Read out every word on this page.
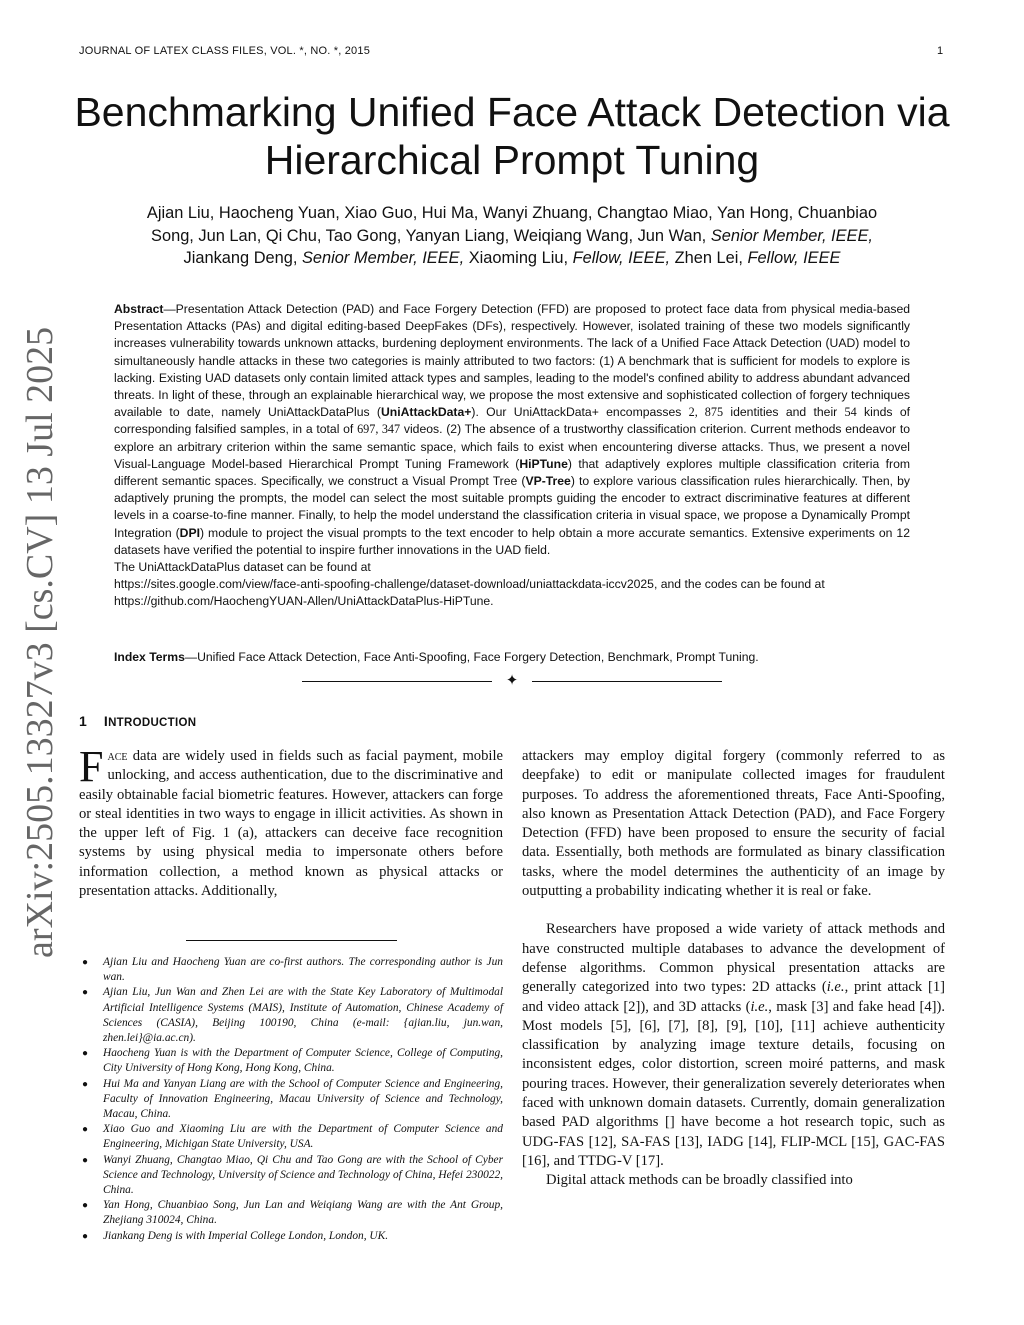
JOURNAL OF LATEX CLASS FILES, VOL. *, NO. *, 2015	1
Benchmarking Unified Face Attack Detection via Hierarchical Prompt Tuning
Ajian Liu, Haocheng Yuan, Xiao Guo, Hui Ma, Wanyi Zhuang, Changtao Miao, Yan Hong, Chuanbiao
Song, Jun Lan, Qi Chu, Tao Gong, Yanyan Liang, Weiqiang Wang, Jun Wan, Senior Member, IEEE,
Jiankang Deng, Senior Member, IEEE, Xiaoming Liu, Fellow, IEEE, Zhen Lei, Fellow, IEEE

Abstract—Presentation Attack Detection (PAD) and Face Forgery Detection (FFD) are proposed to protect face data from physical media-based Presentation Attacks (PAs) and digital editing-based DeepFakes (DFs), respectively. However, isolated training of these two models significantly increases vulnerability towards unknown attacks, burdening deployment environments. The lack of a Unified Face Attack Detection (UAD) model to simultaneously handle attacks in these two categories is mainly attributed to two factors: (1) A benchmark that is sufficient for models to explore is lacking. Existing UAD datasets only contain limited attack types and samples, leading to the model's confined ability to address abundant advanced threats. In light of these, through an explainable hierarchical way, we propose the most extensive and sophisticated collection of forgery techniques available to date, namely UniAttackDataPlus (UniAttackData+). Our UniAttackData+ encompasses 2, 875 identities and their 54 kinds of corresponding falsified samples, in a total of 697, 347 videos. (2) The absence of a trustworthy classification criterion. Current methods endeavor to explore an arbitrary criterion within the same semantic space, which fails to exist when encountering diverse attacks. Thus, we present a novel Visual-Language Model-based Hierarchical Prompt Tuning Framework (HiPTune) that adaptively explores multiple classification criteria from different semantic spaces. Specifically, we construct a Visual Prompt Tree (VP-Tree) to explore various classification rules hierarchically. Then, by adaptively pruning the prompts, the model can select the most suitable prompts guiding the encoder to extract discriminative features at different levels in a coarse-to-fine manner. Finally, to help the model understand the classification criteria in visual space, we propose a Dynamically Prompt Integration (DPI) module to project the visual prompts to the text encoder to help obtain a more accurate semantics. Extensive experiments on 12 datasets have verified the potential to inspire further innovations in the UAD field.

The UniAttackDataPlus dataset can be found at

https://sites.google.com/view/face-anti-spoofing-challenge/dataset-download/uniattackdata-iccv2025, and the codes can be found at

https://github.com/HaochengYUAN-Allen/UniAttackDataPlus-HiPTune.

Index Terms—Unified Face Attack Detection, Face Anti-Spoofing, Face Forgery Detection, Benchmark, Prompt Tuning.
✦
1 INTRODUCTION

Face data are widely used in fields such as facial payment, mobile unlocking, and access authentication, due to the discriminative and easily obtainable facial biometric features. However, attackers can forge or steal identities in two ways to engage in illicit activities. As shown in the upper left of Fig. 1 (a), attackers can deceive face recognition systems by using physical media to impersonate others before information collection, a method known as physical attacks or presentation attacks. Additionally,

● Ajian Liu and Haocheng Yuan are co-first authors. The corresponding author is Jun wan.
● Ajian Liu, Jun Wan and Zhen Lei are with the State Key Laboratory of Multimodal Artificial Intelligence Systems (MAIS), Institute of Automation, Chinese Academy of Sciences (CASIA), Beijing 100190, China (e-mail: {ajian.liu, jun.wan, zhen.lei}@ia.ac.cn).
● Haocheng Yuan is with the Department of Computer Science, College of Computing, City University of Hong Kong, Hong Kong, China.
● Hui Ma and Yanyan Liang are with the School of Computer Science and Engineering, Faculty of Innovation Engineering, Macau University of Science and Technology, Macau, China.
● Xiao Guo and Xiaoming Liu are with the Department of Computer Science and Engineering, Michigan State University, USA.
● Wanyi Zhuang, Changtao Miao, Qi Chu and Tao Gong are with the School of Cyber Science and Technology, University of Science and Technology of China, Hefei 230022, China.
● Yan Hong, Chuanbiao Song, Jun Lan and Weiqiang Wang are with the Ant Group, Zhejiang 310024, China.
● Jiankang Deng is with Imperial College London, London, UK.

attackers may employ digital forgery (commonly referred to as deepfake) to edit or manipulate collected images for fraudulent purposes. To address the aforementioned threats, Face Anti-Spoofing, also known as Presentation Attack Detection (PAD), and Face Forgery Detection (FFD) have been proposed to ensure the security of facial data. Essentially, both methods are formulated as binary classification tasks, where the model determines the authenticity of an image by outputting a probability indicating whether it is real or fake.

Researchers have proposed a wide variety of attack methods and have constructed multiple databases to advance the development of defense algorithms. Common physical presentation attacks are generally categorized into two types: 2D attacks (i.e., print attack [1] and video attack [2]), and 3D attacks (i.e., mask [3] and fake head [4]). Most models [5], [6], [7], [8], [9], [10], [11] achieve authenticity classification by analyzing image texture details, focusing on inconsistent edges, color distortion, screen moiré patterns, and mask pouring traces. However, their generalization severely deteriorates when faced with unknown domain datasets. Currently, domain generalization based PAD algorithms [] have become a hot research topic, such as UDG-FAS [12], SA-FAS [13], IADG [14], FLIP-MCL [15], GAC-FAS [16], and TTDG-V [17].

Digital attack methods can be broadly classified into

arXiv:2505.13327v3 [cs.CV] 13 Jul 2025
